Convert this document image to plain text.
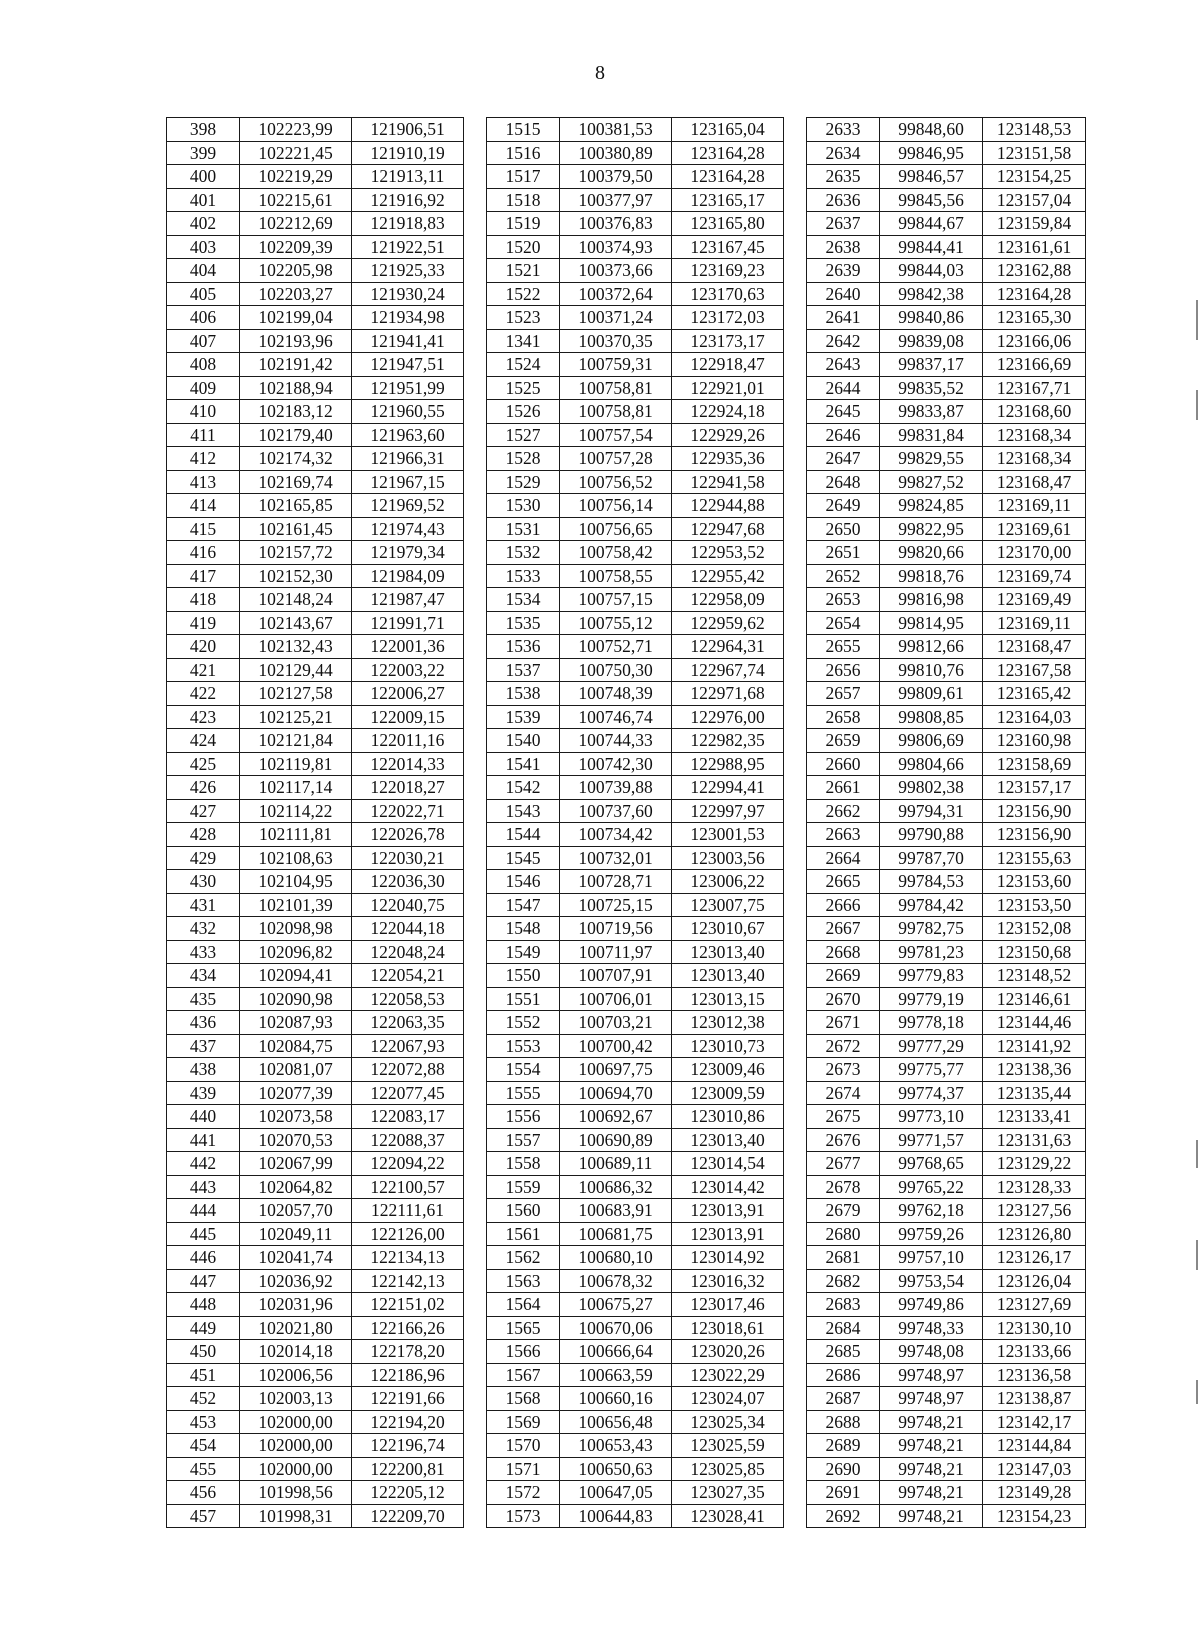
8
398	102223,99	121906,51		1515	100381,53	123165,04		2633	99848,60	123148,53
399	102221,45	121910,19		1516	100380,89	123164,28		2634	99846,95	123151,58
400	102219,29	121913,11		1517	100379,50	123164,28		2635	99846,57	123154,25
401	102215,61	121916,92		1518	100377,97	123165,17		2636	99845,56	123157,04
402	102212,69	121918,83		1519	100376,83	123165,80		2637	99844,67	123159,84
403	102209,39	121922,51		1520	100374,93	123167,45		2638	99844,41	123161,61
404	102205,98	121925,33		1521	100373,66	123169,23		2639	99844,03	123162,88
405	102203,27	121930,24		1522	100372,64	123170,63		2640	99842,38	123164,28
406	102199,04	121934,98		1523	100371,24	123172,03		2641	99840,86	123165,30
407	102193,96	121941,41		1341	100370,35	123173,17		2642	99839,08	123166,06
408	102191,42	121947,51		1524	100759,31	122918,47		2643	99837,17	123166,69
409	102188,94	121951,99		1525	100758,81	122921,01		2644	99835,52	123167,71
410	102183,12	121960,55		1526	100758,81	122924,18		2645	99833,87	123168,60
411	102179,40	121963,60		1527	100757,54	122929,26		2646	99831,84	123168,34
412	102174,32	121966,31		1528	100757,28	122935,36		2647	99829,55	123168,34
413	102169,74	121967,15		1529	100756,52	122941,58		2648	99827,52	123168,47
414	102165,85	121969,52		1530	100756,14	122944,88		2649	99824,85	123169,11
415	102161,45	121974,43		1531	100756,65	122947,68		2650	99822,95	123169,61
416	102157,72	121979,34		1532	100758,42	122953,52		2651	99820,66	123170,00
417	102152,30	121984,09		1533	100758,55	122955,42		2652	99818,76	123169,74
418	102148,24	121987,47		1534	100757,15	122958,09		2653	99816,98	123169,49
419	102143,67	121991,71		1535	100755,12	122959,62		2654	99814,95	123169,11
420	102132,43	122001,36		1536	100752,71	122964,31		2655	99812,66	123168,47
421	102129,44	122003,22		1537	100750,30	122967,74		2656	99810,76	123167,58
422	102127,58	122006,27		1538	100748,39	122971,68		2657	99809,61	123165,42
423	102125,21	122009,15		1539	100746,74	122976,00		2658	99808,85	123164,03
424	102121,84	122011,16		1540	100744,33	122982,35		2659	99806,69	123160,98
425	102119,81	122014,33		1541	100742,30	122988,95		2660	99804,66	123158,69
426	102117,14	122018,27		1542	100739,88	122994,41		2661	99802,38	123157,17
427	102114,22	122022,71		1543	100737,60	122997,97		2662	99794,31	123156,90
428	102111,81	122026,78		1544	100734,42	123001,53		2663	99790,88	123156,90
429	102108,63	122030,21		1545	100732,01	123003,56		2664	99787,70	123155,63
430	102104,95	122036,30		1546	100728,71	123006,22		2665	99784,53	123153,60
431	102101,39	122040,75		1547	100725,15	123007,75		2666	99784,42	123153,50
432	102098,98	122044,18		1548	100719,56	123010,67		2667	99782,75	123152,08
433	102096,82	122048,24		1549	100711,97	123013,40		2668	99781,23	123150,68
434	102094,41	122054,21		1550	100707,91	123013,40		2669	99779,83	123148,52
435	102090,98	122058,53		1551	100706,01	123013,15		2670	99779,19	123146,61
436	102087,93	122063,35		1552	100703,21	123012,38		2671	99778,18	123144,46
437	102084,75	122067,93		1553	100700,42	123010,73		2672	99777,29	123141,92
438	102081,07	122072,88		1554	100697,75	123009,46		2673	99775,77	123138,36
439	102077,39	122077,45		1555	100694,70	123009,59		2674	99774,37	123135,44
440	102073,58	122083,17		1556	100692,67	123010,86		2675	99773,10	123133,41
441	102070,53	122088,37		1557	100690,89	123013,40		2676	99771,57	123131,63
442	102067,99	122094,22		1558	100689,11	123014,54		2677	99768,65	123129,22
443	102064,82	122100,57		1559	100686,32	123014,42		2678	99765,22	123128,33
444	102057,70	122111,61		1560	100683,91	123013,91		2679	99762,18	123127,56
445	102049,11	122126,00		1561	100681,75	123013,91		2680	99759,26	123126,80
446	102041,74	122134,13		1562	100680,10	123014,92		2681	99757,10	123126,17
447	102036,92	122142,13		1563	100678,32	123016,32		2682	99753,54	123126,04
448	102031,96	122151,02		1564	100675,27	123017,46		2683	99749,86	123127,69
449	102021,80	122166,26		1565	100670,06	123018,61		2684	99748,33	123130,10
450	102014,18	122178,20		1566	100666,64	123020,26		2685	99748,08	123133,66
451	102006,56	122186,96		1567	100663,59	123022,29		2686	99748,97	123136,58
452	102003,13	122191,66		1568	100660,16	123024,07		2687	99748,97	123138,87
453	102000,00	122194,20		1569	100656,48	123025,34		2688	99748,21	123142,17
454	102000,00	122196,74		1570	100653,43	123025,59		2689	99748,21	123144,84
455	102000,00	122200,81		1571	100650,63	123025,85		2690	99748,21	123147,03
456	101998,56	122205,12		1572	100647,05	123027,35		2691	99748,21	123149,28
457	101998,31	122209,70		1573	100644,83	123028,41		2692	99748,21	123154,23
